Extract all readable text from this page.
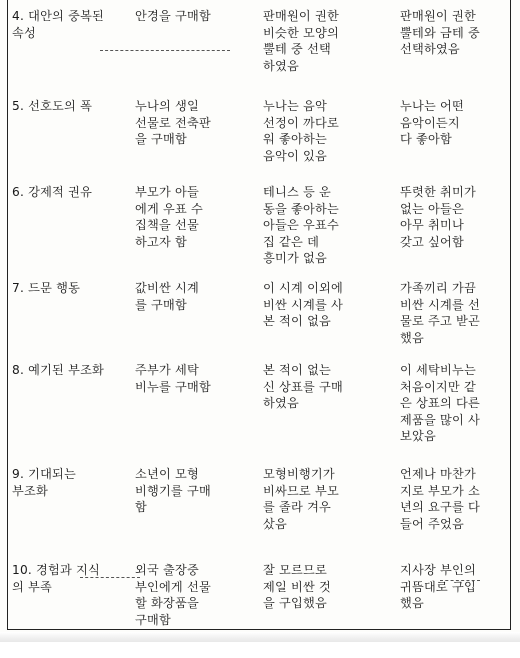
4. 대안의 중복된
속성	안경을 구매함	판매원이 권한
비슷한 모양의
뿔테 중 선택
하였음	판매원이 권한
뿔테와 금테 중
선택하였음

5. 선호도의 폭	누나의 생일
선물로 전축판
을 구매함	누나는 음악
선정이 까다로
워 좋아하는
음악이 있음	누나는 어떤
음악이든지
다 좋아함

6. 강제적 권유	부모가 아들
에게 우표 수
집책을 선물
하고자 함	테니스 등 운
동을 좋아하는
아들은 우표수
집 같은 데
흥미가 없음	뚜렷한 취미가
없는 아들은
아무 취미나
갖고 싶어함

7. 드문 행동	값비싼 시계
를 구매함	이 시계 이외에
비싼 시계를 사
본 적이 없음	가족끼리 가끔
비싼 시계를 선
물로 주고 받곤
했음

8. 예기된 부조화	주부가 세탁
비누를 구매함	본 적이 없는
신 상표를 구매
하였음	이 세탁비누는
처음이지만 같
은 상표의 다른
제품을 많이 사
보았음

9. 기대되는
부조화	소년이 모형
비행기를 구매
함	모형비행기가
비싸므로 부모
를 졸라 겨우
샀음	언제나 마찬가
지로 부모가 소
년의 요구를 다
들어 주었음

10. 경험과 지식
의 부족	외국 출장중
부인에게 선물
할 화장품을
구매함	잘 모르므로
제일 비싼 것
을 구입했음	지사장 부인의
귀뜸대로 구입
했음
